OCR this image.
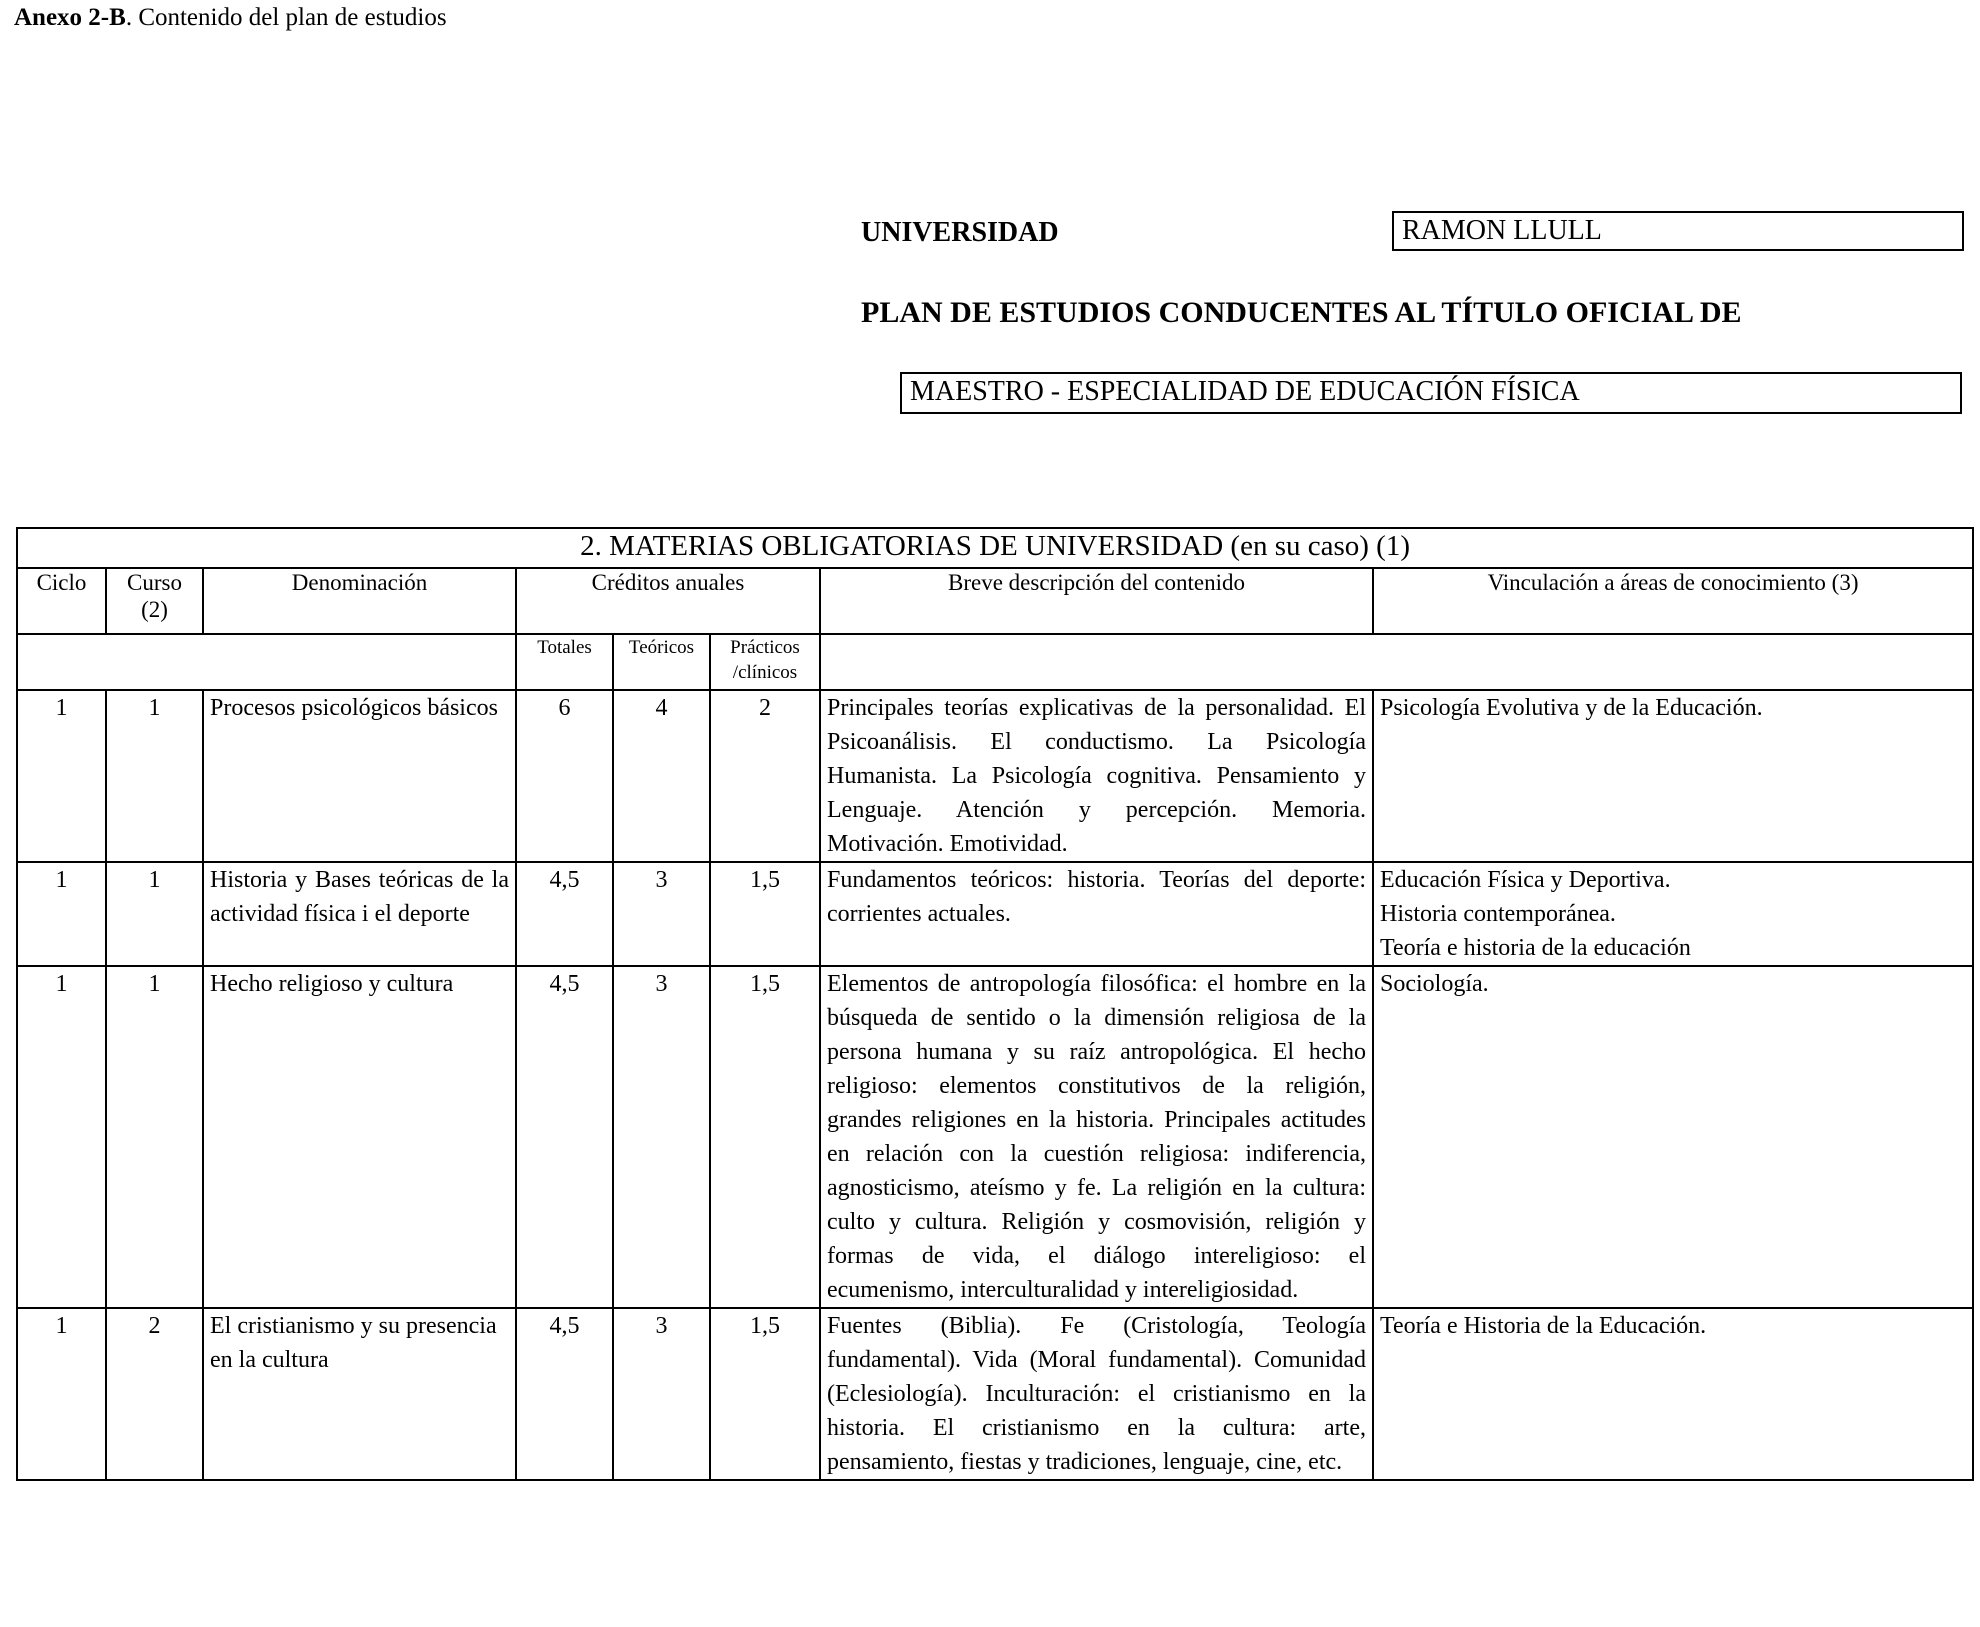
Anexo 2-B. Contenido del plan de estudios
UNIVERSIDAD	RAMON LLULL
PLAN DE ESTUDIOS CONDUCENTES AL TÍTULO OFICIAL DE
MAESTRO - ESPECIALIDAD DE EDUCACIÓN FÍSICA
2. MATERIAS OBLIGATORIAS DE UNIVERSIDAD (en su caso) (1)							
Ciclo	Curso (2)	Denominación	Créditos anuales			Breve descripción del contenido	Vinculación a áreas de conocimiento (3)
			Totales	Teóricos	Prácticos /clínicos		
1	1	Procesos psicológicos básicos	6	4	2	Principales teorías explicativas de la personalidad. El Psicoanálisis. El conductismo. La Psicología Humanista. La Psicología cognitiva. Pensamiento y Lenguaje. Atención y percepción. Memoria. Motivación. Emotividad.	Psicología Evolutiva y de la Educación.

1	1	Historia y Bases teóricas de la actividad física i el deporte	4,5	3	1,5	Fundamentos teóricos: historia. Teorías del deporte: corrientes actuales.	Educación Física y Deportiva.
Historia contemporánea.
Teoría e historia de la educación

1	1	Hecho religioso y cultura	4,5	3	1,5	Elementos de antropología filosófica: el hombre en la búsqueda de sentido o la dimensión religiosa de la persona humana y su raíz antropológica. El hecho religioso: elementos constitutivos de la religión, grandes religiones en la historia. Principales actitudes en relación con la cuestión religiosa: indiferencia, agnosticismo, ateísmo y fe. La religión en la cultura: culto y cultura. Religión y cosmovisión, religión y formas de vida, el diálogo intereligioso: el ecumenismo, interculturalidad y intereligiosidad.	Sociología.

1	2	El cristianismo y su presencia en la cultura	4,5	3	1,5	Fuentes (Biblia). Fe (Cristología, Teología fundamental). Vida (Moral fundamental). Comunidad (Eclesiología). Inculturación: el cristianismo en la historia. El cristianismo en la cultura: arte, pensamiento, fiestas y tradiciones, lenguaje, cine, etc.	Teoría e Historia de la Educación.
